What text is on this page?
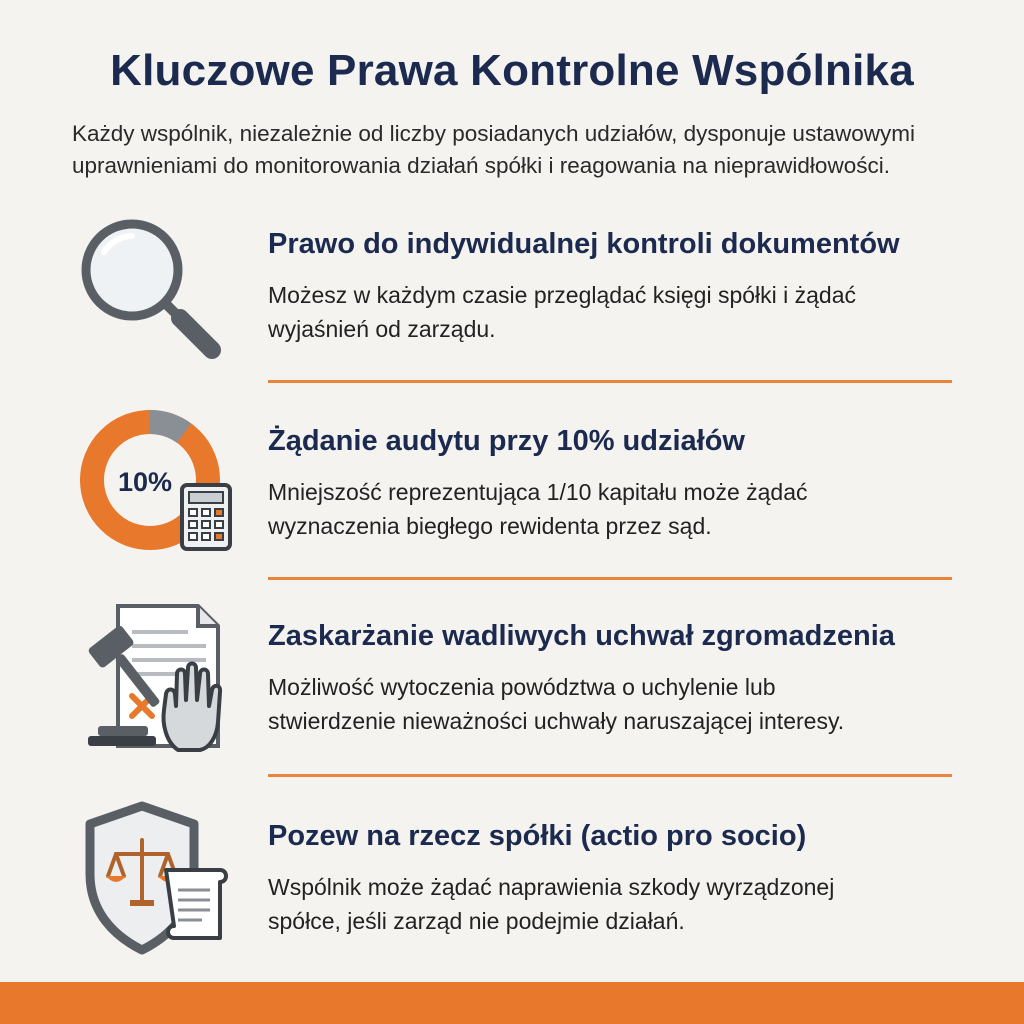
Kluczowe Prawa Kontrolne Wspólnika

Każdy wspólnik, niezależnie od liczby posiadanych udziałów, dysponuje ustawowymi
uprawnieniami do monitorowania działań spółki i reagowania na nieprawidłowości.

Prawo do indywidualnej kontroli dokumentów

Możesz w każdym czasie przeglądać księgi spółki i żądać
wyjaśnień od zarządu.

10%
Żądanie audytu przy 10% udziałów

Mniejszość reprezentująca 1/10 kapitału może żądać
wyznaczenia biegłego rewidenta przez sąd.

Zaskarżanie wadliwych uchwał zgromadzenia

Możliwość wytoczenia powództwa o uchylenie lub
stwierdzenie nieważności uchwały naruszającej interesy.

Pozew na rzecz spółki (actio pro socio)

Wspólnik może żądać naprawienia szkody wyrządzonej
spółce, jeśli zarząd nie podejmie działań.
